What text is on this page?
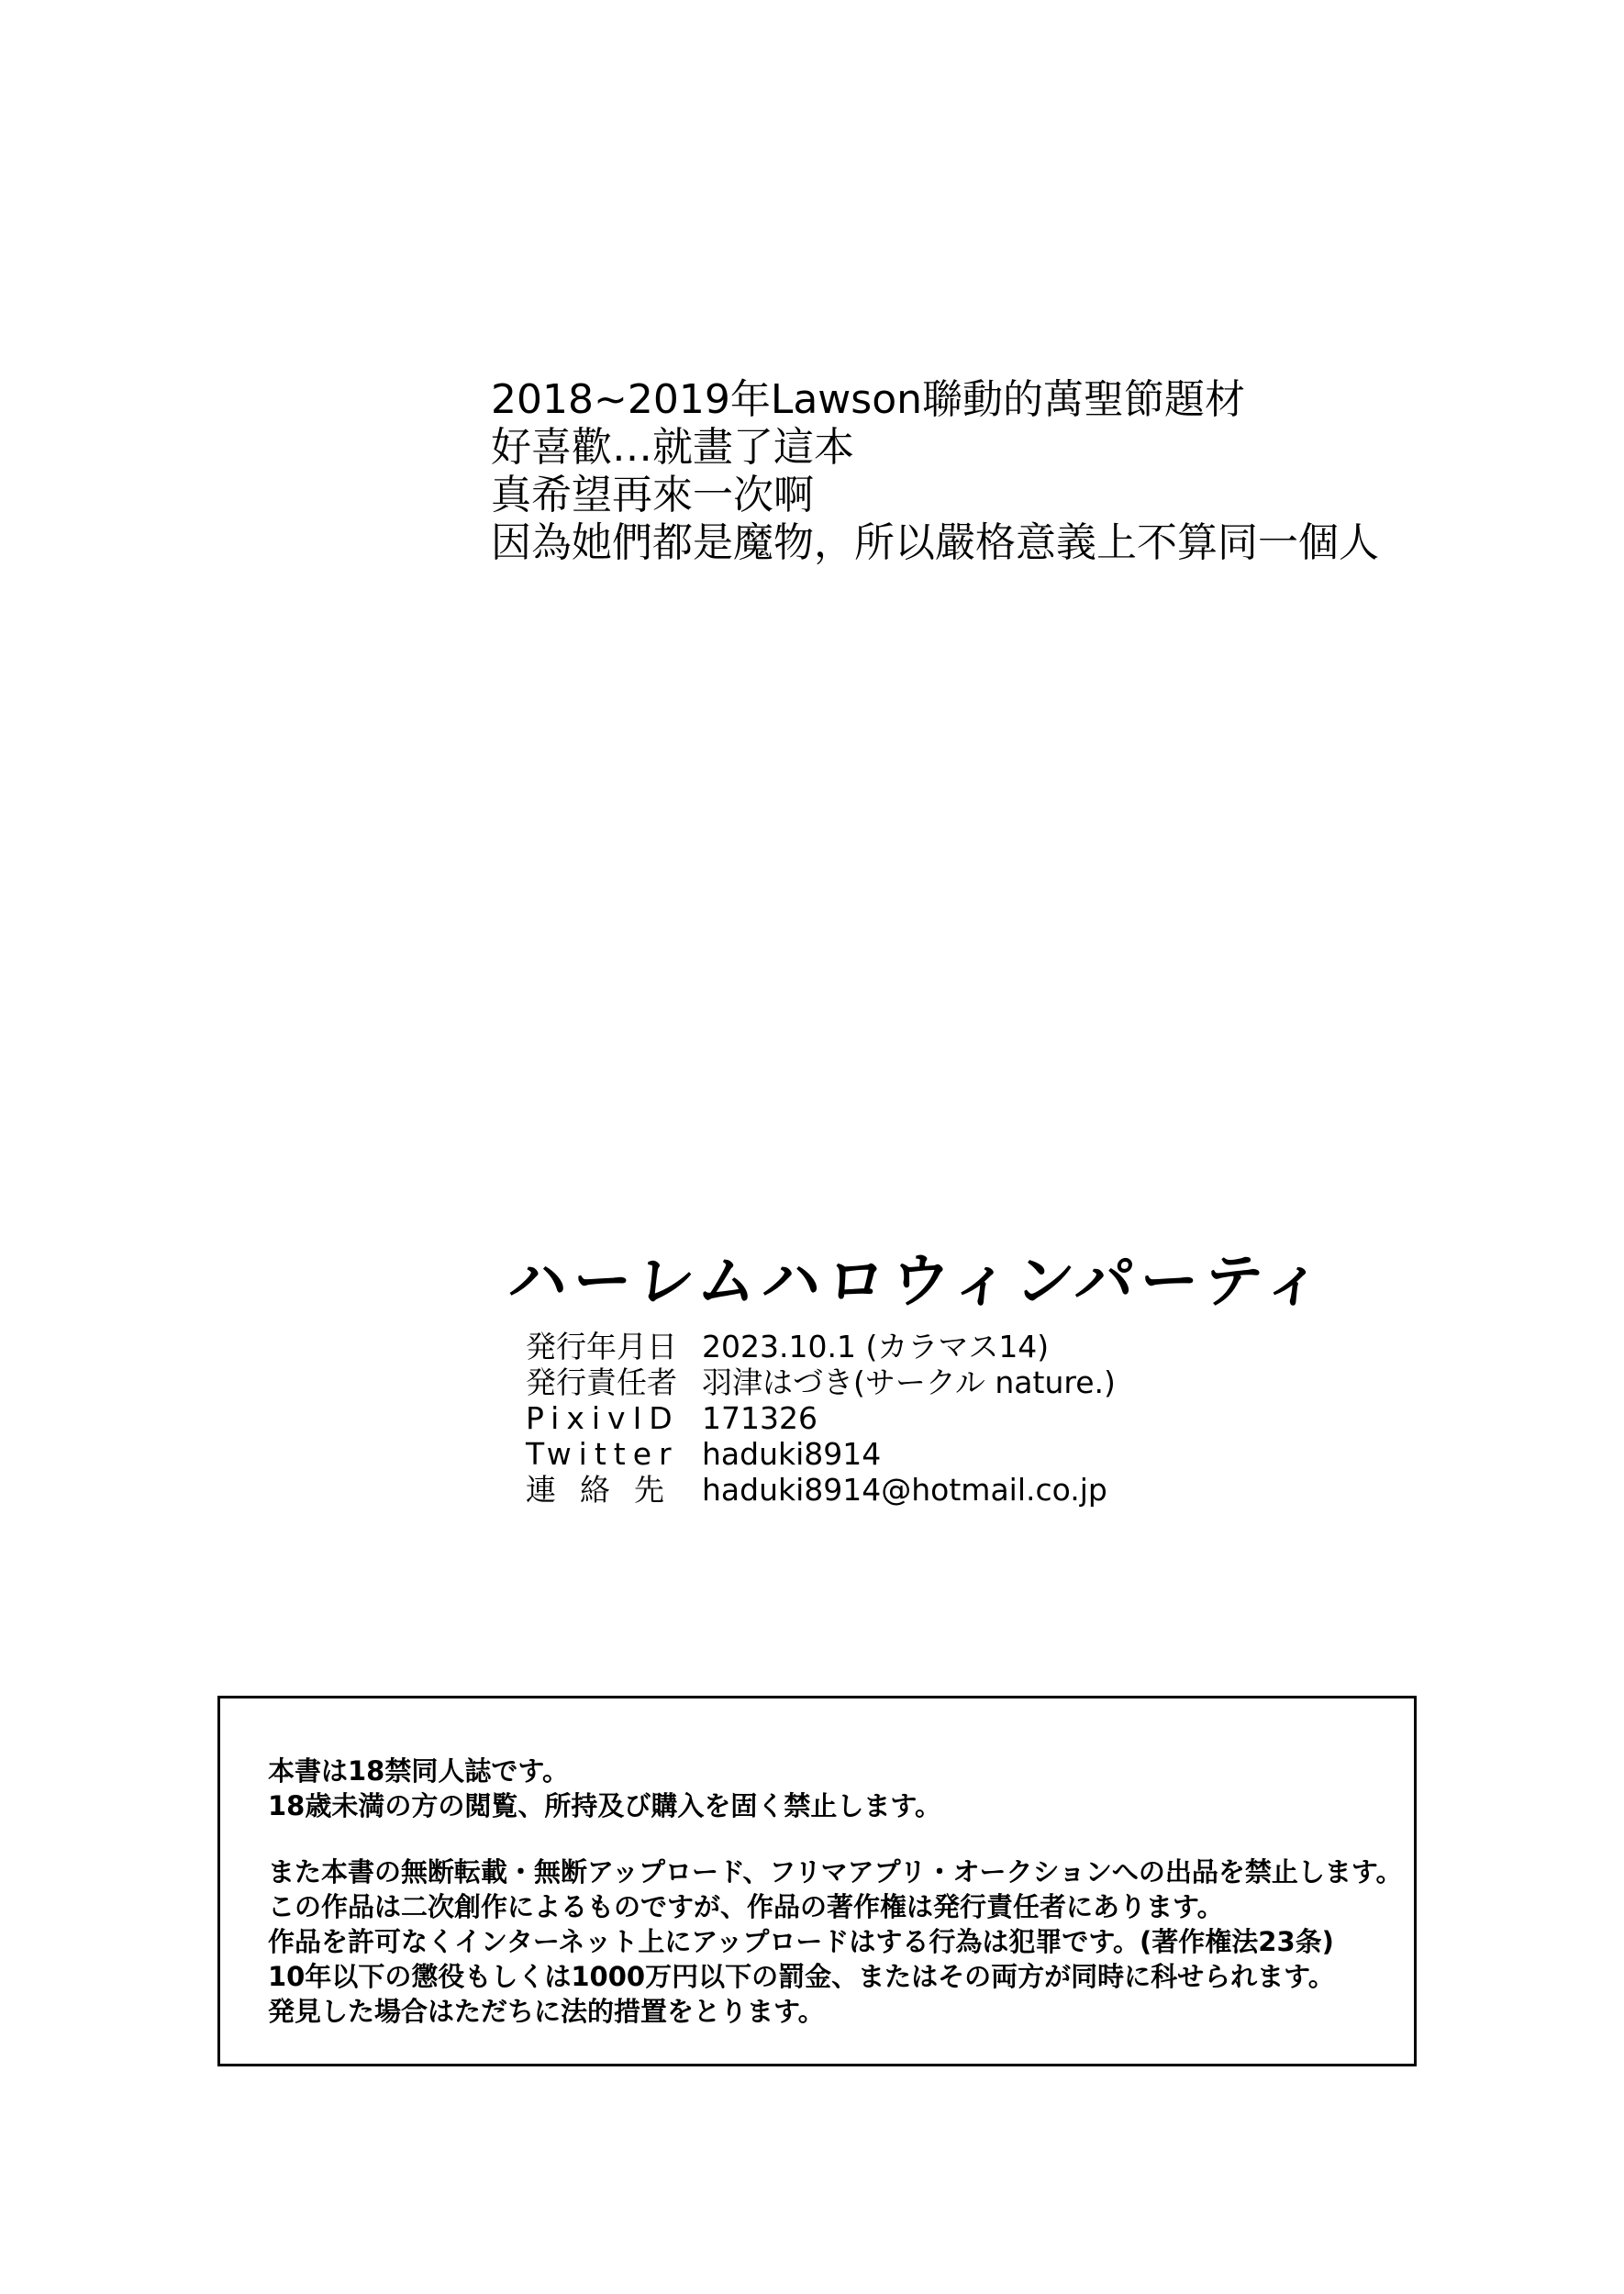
2018~2019年Lawson聯動的萬聖節題材
好喜歡…就畫了這本
真希望再來一次啊
因為她們都是魔物，所以嚴格意義上不算同一個人
ハーレムハロウィンパーティ
発行年月日 2023.10.1 (カラマス14)
発行責任者 羽津はづき(サークル nature.)
PixivID 171326
Twitter haduki8914
連絡先 haduki8914@hotmail.co.jp
本書は18禁同人誌です。
18歳未満の方の閲覧、所持及び購入を固く禁止します。
また本書の無断転載・無断アップロード、フリマアプリ・オークションへの出品を禁止します。
この作品は二次創作によるものですが、作品の著作権は発行責任者にあります。
作品を許可なくインターネット上にアップロードはする行為は犯罪です。(著作権法23条)
10年以下の懲役もしくは1000万円以下の罰金、またはその両方が同時に科せられます。
発見した場合はただちに法的措置をとります。
